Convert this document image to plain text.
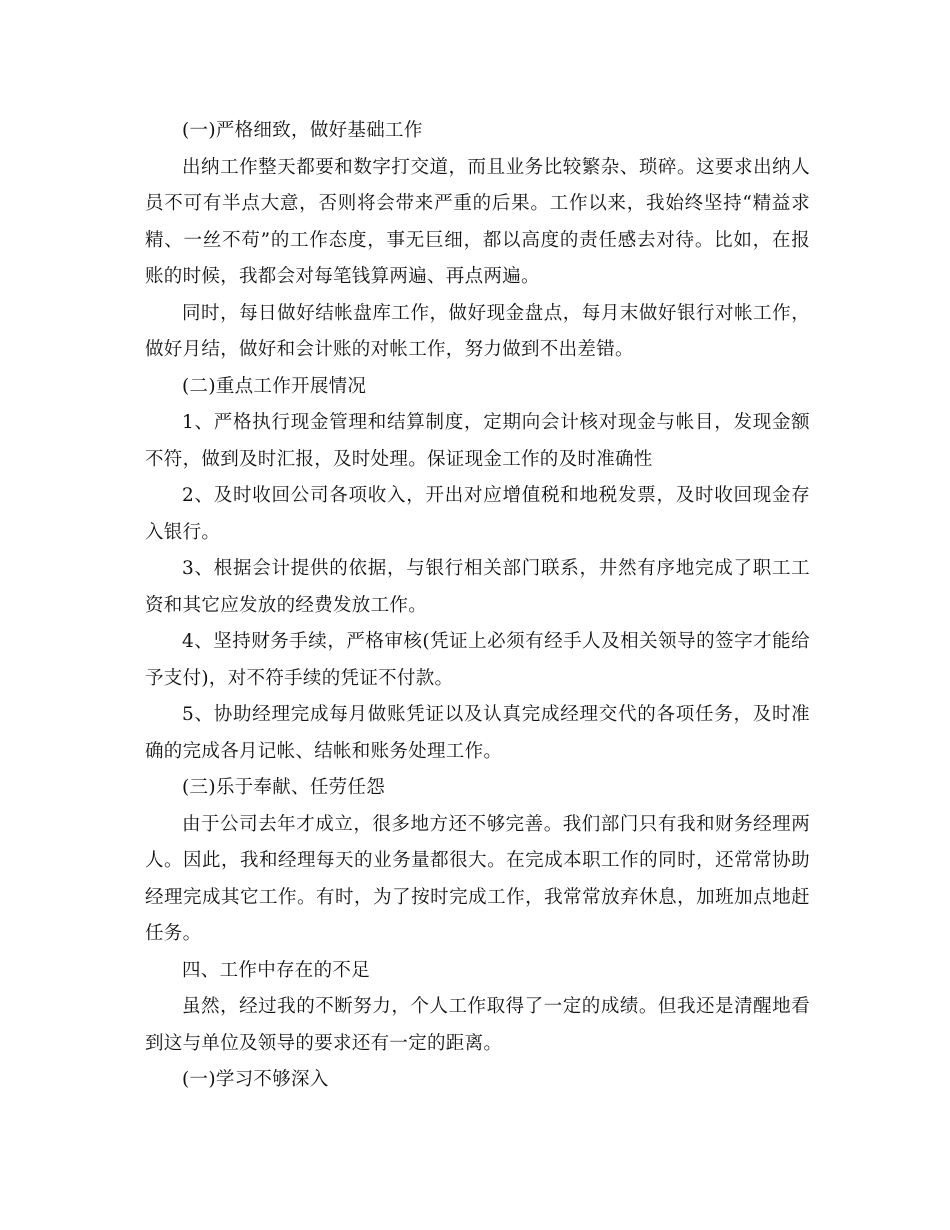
(一)严格细致，做好基础工作

出纳工作整天都要和数字打交道，而且业务比较繁杂、琐碎。这要求出纳人员不可有半点大意，否则将会带来严重的后果。工作以来，我始终坚持“精益求精、一丝不苟”的工作态度，事无巨细，都以高度的责任感去对待。比如，在报账的时候，我都会对每笔钱算两遍、再点两遍。

同时，每日做好结帐盘库工作，做好现金盘点，每月末做好银行对帐工作，做好月结，做好和会计账的对帐工作，努力做到不出差错。

(二)重点工作开展情况

1、严格执行现金管理和结算制度，定期向会计核对现金与帐目，发现金额不符，做到及时汇报，及时处理。保证现金工作的及时准确性

2、及时收回公司各项收入，开出对应增值税和地税发票，及时收回现金存入银行。

3、根据会计提供的依据，与银行相关部门联系，井然有序地完成了职工工资和其它应发放的经费发放工作。

4、坚持财务手续，严格审核(凭证上必须有经手人及相关领导的签字才能给予支付)，对不符手续的凭证不付款。

5、协助经理完成每月做账凭证以及认真完成经理交代的各项任务，及时准确的完成各月记帐、结帐和账务处理工作。

(三)乐于奉献、任劳任怨

由于公司去年才成立，很多地方还不够完善。我们部门只有我和财务经理两人。因此，我和经理每天的业务量都很大。在完成本职工作的同时，还常常协助经理完成其它工作。有时，为了按时完成工作，我常常放弃休息，加班加点地赶任务。

四、工作中存在的不足

虽然，经过我的不断努力，个人工作取得了一定的成绩。但我还是清醒地看到这与单位及领导的要求还有一定的距离。

(一)学习不够深入
